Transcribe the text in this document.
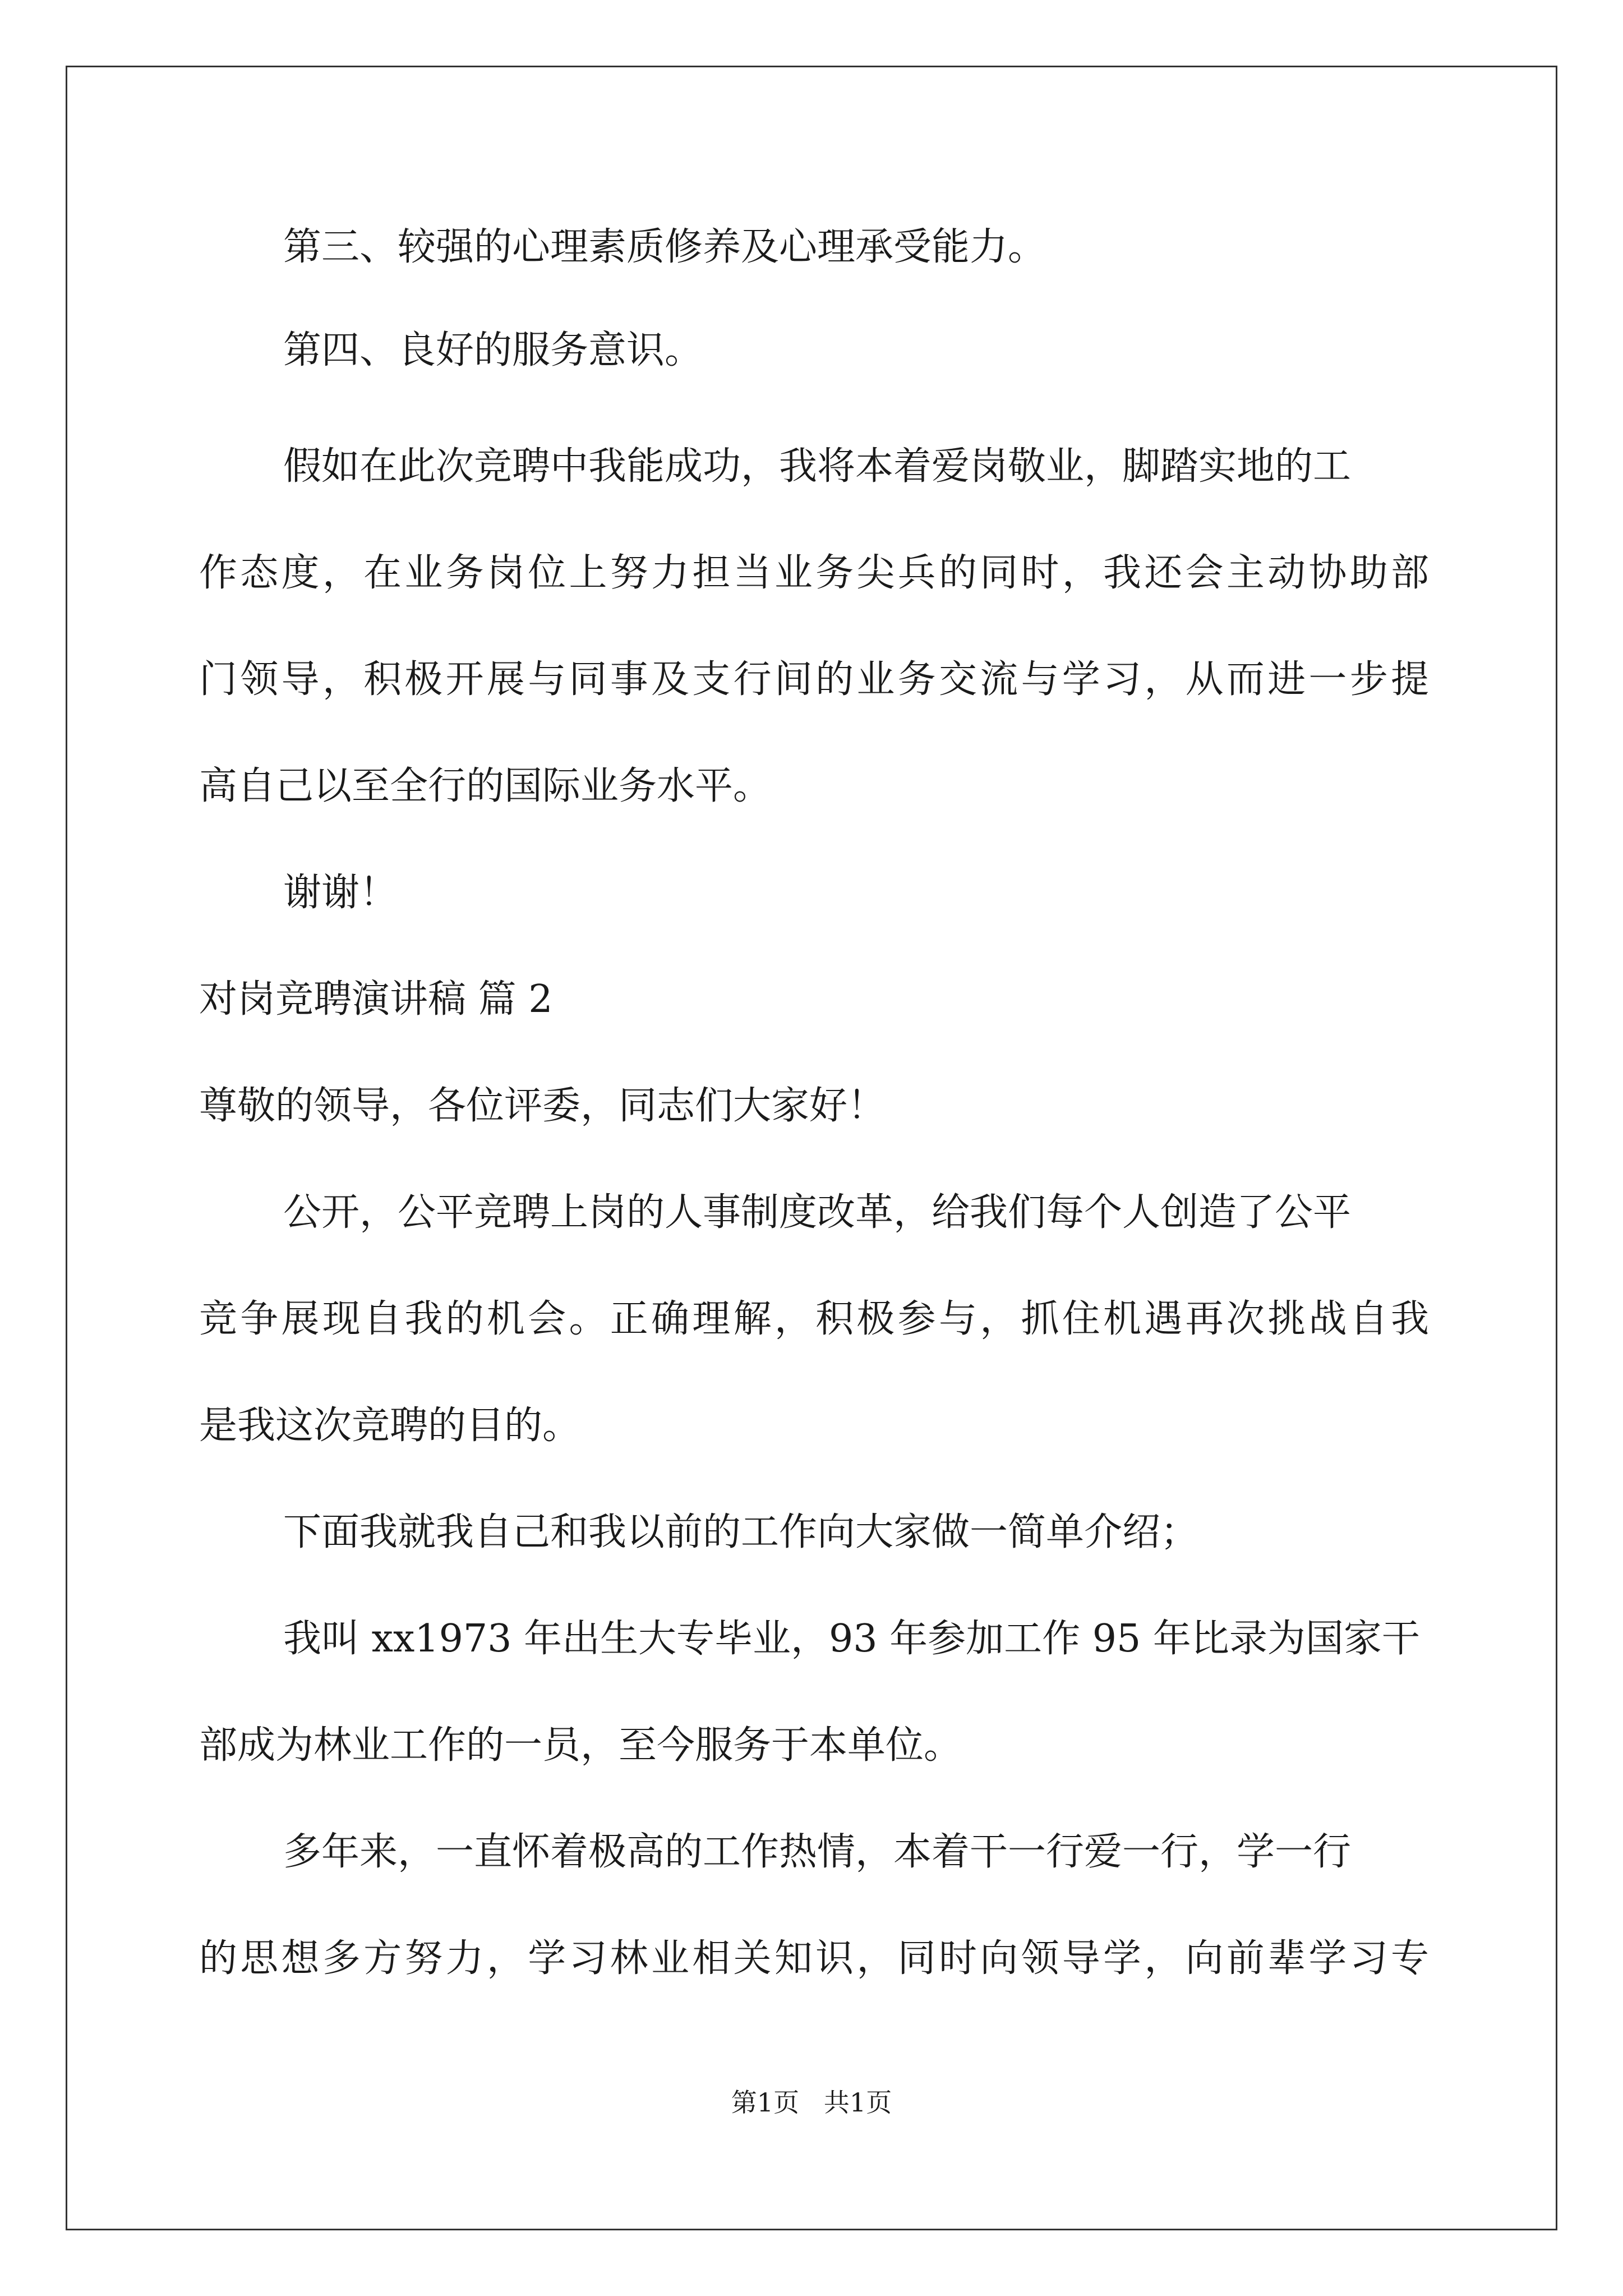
第三、较强的心理素质修养及心理承受能力。
第四、良好的服务意识。
假如在此次竞聘中我能成功，我将本着爱岗敬业，脚踏实地的工
作态度，在业务岗位上努力担当业务尖兵的同时，我还会主动协助部
门领导，积极开展与同事及支行间的业务交流与学习，从而进一步提
高自己以至全行的国际业务水平。
谢谢！
对岗竞聘演讲稿 篇 2
尊敬的领导，各位评委，同志们大家好！
公开，公平竞聘上岗的人事制度改革，给我们每个人创造了公平
竞争展现自我的机会。正确理解，积极参与，抓住机遇再次挑战自我
是我这次竞聘的目的。
下面我就我自己和我以前的工作向大家做一简单介绍；
我叫 xx1973 年出生大专毕业，93 年参加工作 95 年比录为国家干
部成为林业工作的一员，至今服务于本单位。
多年来，一直怀着极高的工作热情，本着干一行爱一行，学一行
的思想多方努力，学习林业相关知识，同时向领导学，向前辈学习专
第1页   共1页
